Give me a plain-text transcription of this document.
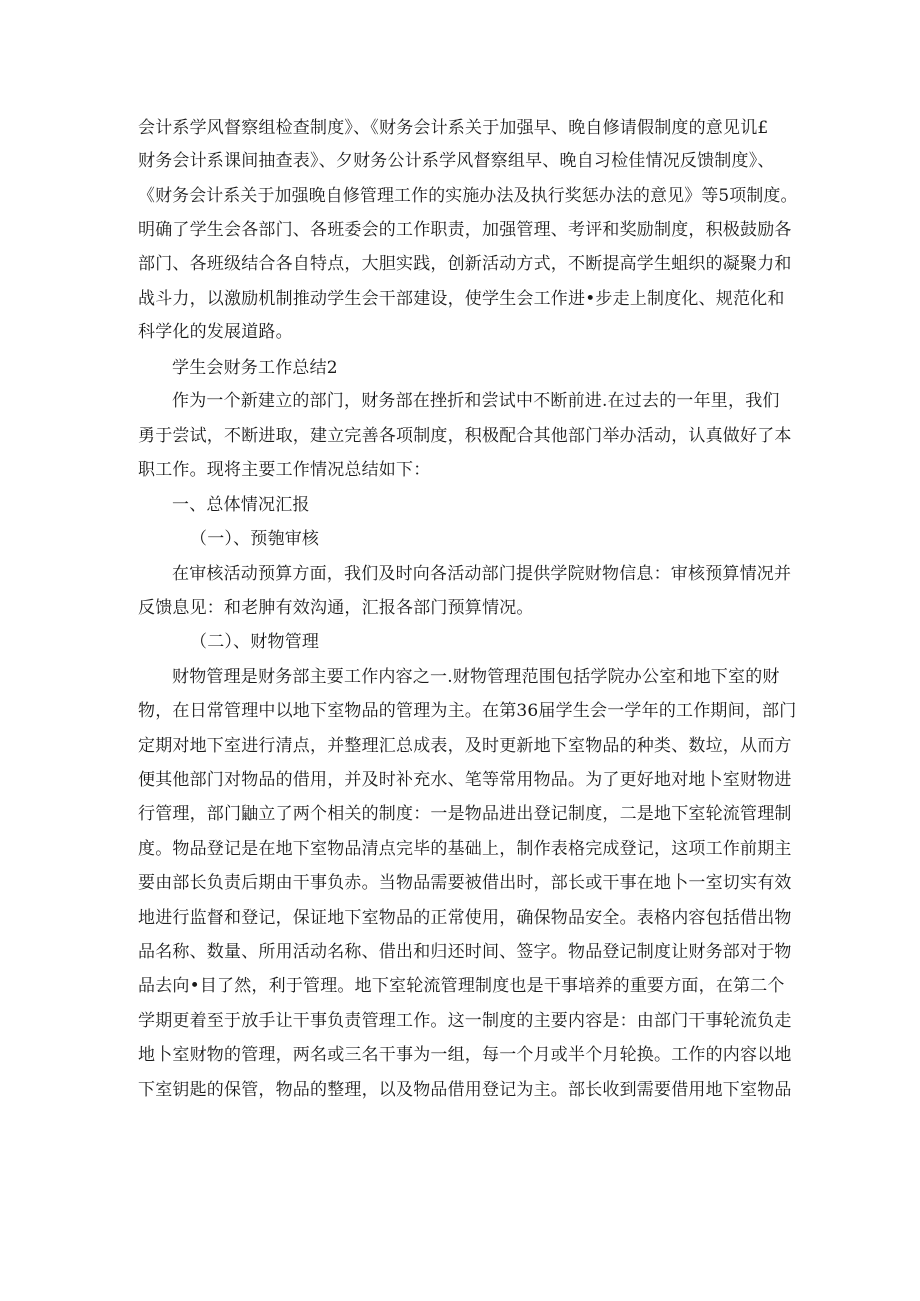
会计系学风督察组检查制度》、《财务会计系关于加强早、晚自修请假制度的意见讥£
财务会计系课间抽查表》、夕财务公计系学风督察组早、晚自习检佳情况反馈制度》、
《财务会计系关于加强晚自修管理工作的实施办法及执行奖惩办法的意见》等5项制度。
明确了学生会各部门、各班委会的工作职责，加强管理、考评和奖励制度，积极鼓励各
部门、各班级结合各自特点，大胆实践，创新活动方式，不断提高学生蛆织的凝聚力和
战斗力，以激励机制推动学生会干部建设，使学生会工作进•步走上制度化、规范化和
科学化的发展道路。
学生会财务工作总结2
作为一个新建立的部门，财务部在挫折和尝试中不断前进.在过去的一年里，我们
勇于尝试，不断进取，建立完善各项制度，积极配合其他部门举办活动，认真做好了本
职工作。现将主要工作情况总结如下：
一、总体情况汇报
（一）、预匏审核
在审核活动预算方面，我们及时向各活动部门提供学院财物信息：审核预算情况并
反馈息见：和老胂有效沟通，汇报各部门预算情况。
（二）、财物管理
财物管理是财务部主要工作内容之一.财物管理范围包括学院办公室和地下室的财
物，在日常管理中以地下室物品的管理为主。在第36届学生会一学年的工作期间，部门
定期对地下室进行清点，并整理汇总成表，及时更新地下室物品的种类、数垃，从而方
便其他部门对物品的借用，并及时补充水、笔等常用物品。为了更好地对地卜室财物进
行管理，部门鼬立了两个相关的制度：一是物品进出登记制度，二是地下室轮流管理制
度。物品登记是在地下室物品清点完毕的基础上，制作表格完成登记，这项工作前期主
要由部长负责后期由干事负赤。当物品需要被借出时，部长或干事在地卜一室切实有效
地进行监督和登记，保证地下室物品的正常使用，确保物品安全。表格内容包括借出物
品名称、数量、所用活动名称、借出和归还时间、签字。物品登记制度让财务部对于物
品去向•目了然，利于管理。地下室轮流管理制度也是干事培养的重要方面，在第二个
学期更着至于放手让干事负责管理工作。这一制度的主要内容是：由部门干事轮流负走
地卜室财物的管理，两名或三名干事为一组，每一个月或半个月轮换。工作的内容以地
下室钥匙的保管，物品的整理，以及物品借用登记为主。部长收到需要借用地下室物品
